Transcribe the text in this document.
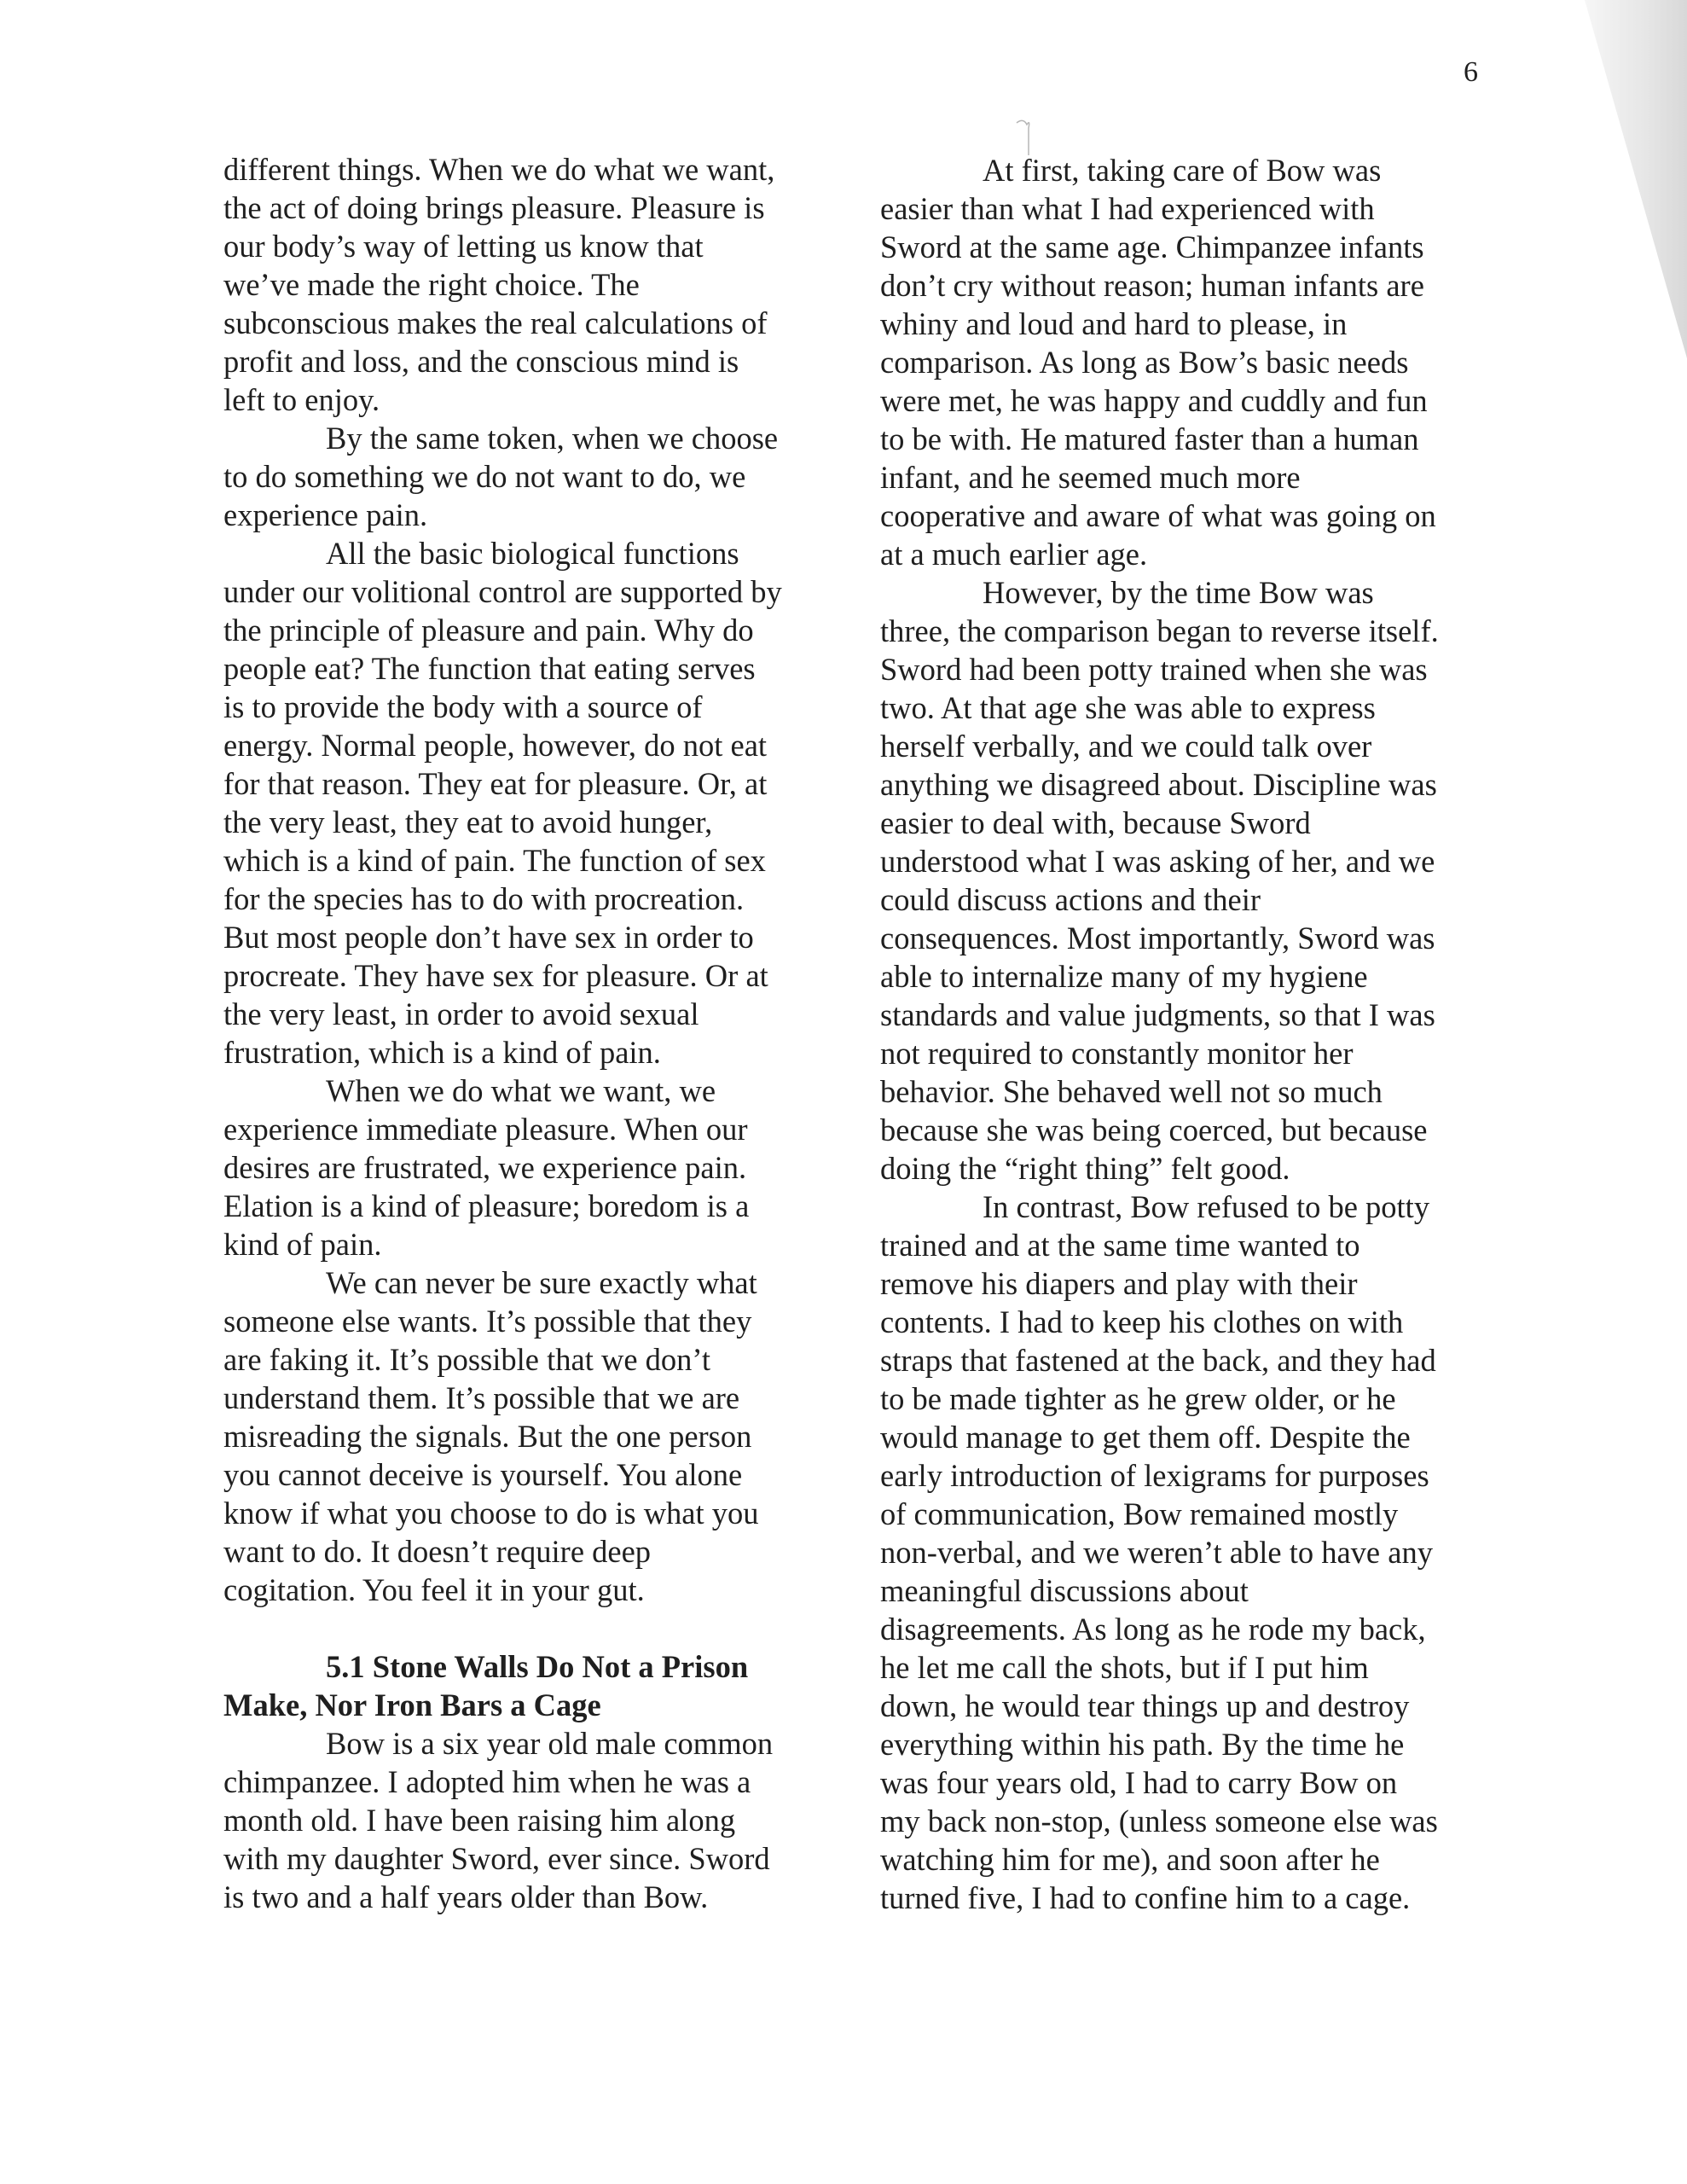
6
different things. When we do what we want,
the act of doing brings pleasure. Pleasure is
our body’s way of letting us know that
we’ve made the right choice. The
subconscious makes the real calculations of
profit and loss, and the conscious mind is
left to enjoy.
By the same token, when we choose
to do something we do not want to do, we
experience pain.
All the basic biological functions
under our volitional control are supported by
the principle of pleasure and pain. Why do
people eat? The function that eating serves
is to provide the body with a source of
energy. Normal people, however, do not eat
for that reason. They eat for pleasure. Or, at
the very least, they eat to avoid hunger,
which is a kind of pain. The function of sex
for the species has to do with procreation.
But most people don’t have sex in order to
procreate. They have sex for pleasure. Or at
the very least, in order to avoid sexual
frustration, which is a kind of pain.
When we do what we want, we
experience immediate pleasure. When our
desires are frustrated, we experience pain.
Elation is a kind of pleasure; boredom is a
kind of pain.
We can never be sure exactly what
someone else wants. It’s possible that they
are faking it. It’s possible that we don’t
understand them. It’s possible that we are
misreading the signals. But the one person
you cannot deceive is yourself. You alone
know if what you choose to do is what you
want to do. It doesn’t require deep
cogitation. You feel it in your gut.
5.1 Stone Walls Do Not a Prison
Make, Nor Iron Bars a Cage
Bow is a six year old male common
chimpanzee. I adopted him when he was a
month old. I have been raising him along
with my daughter Sword, ever since. Sword
is two and a half years older than Bow.
At first, taking care of Bow was
easier than what I had experienced with
Sword at the same age. Chimpanzee infants
don’t cry without reason; human infants are
whiny and loud and hard to please, in
comparison. As long as Bow’s basic needs
were met, he was happy and cuddly and fun
to be with. He matured faster than a human
infant, and he seemed much more
cooperative and aware of what was going on
at a much earlier age.
However, by the time Bow was
three, the comparison began to reverse itself.
Sword had been potty trained when she was
two. At that age she was able to express
herself verbally, and we could talk over
anything we disagreed about. Discipline was
easier to deal with, because Sword
understood what I was asking of her, and we
could discuss actions and their
consequences. Most importantly, Sword was
able to internalize many of my hygiene
standards and value judgments, so that I was
not required to constantly monitor her
behavior. She behaved well not so much
because she was being coerced, but because
doing the “right thing” felt good.
In contrast, Bow refused to be potty
trained and at the same time wanted to
remove his diapers and play with their
contents. I had to keep his clothes on with
straps that fastened at the back, and they had
to be made tighter as he grew older, or he
would manage to get them off. Despite the
early introduction of lexigrams for purposes
of communication, Bow remained mostly
non-verbal, and we weren’t able to have any
meaningful discussions about
disagreements. As long as he rode my back,
he let me call the shots, but if I put him
down, he would tear things up and destroy
everything within his path. By the time he
was four years old, I had to carry Bow on
my back non-stop, (unless someone else was
watching him for me), and soon after he
turned five, I had to confine him to a cage.
